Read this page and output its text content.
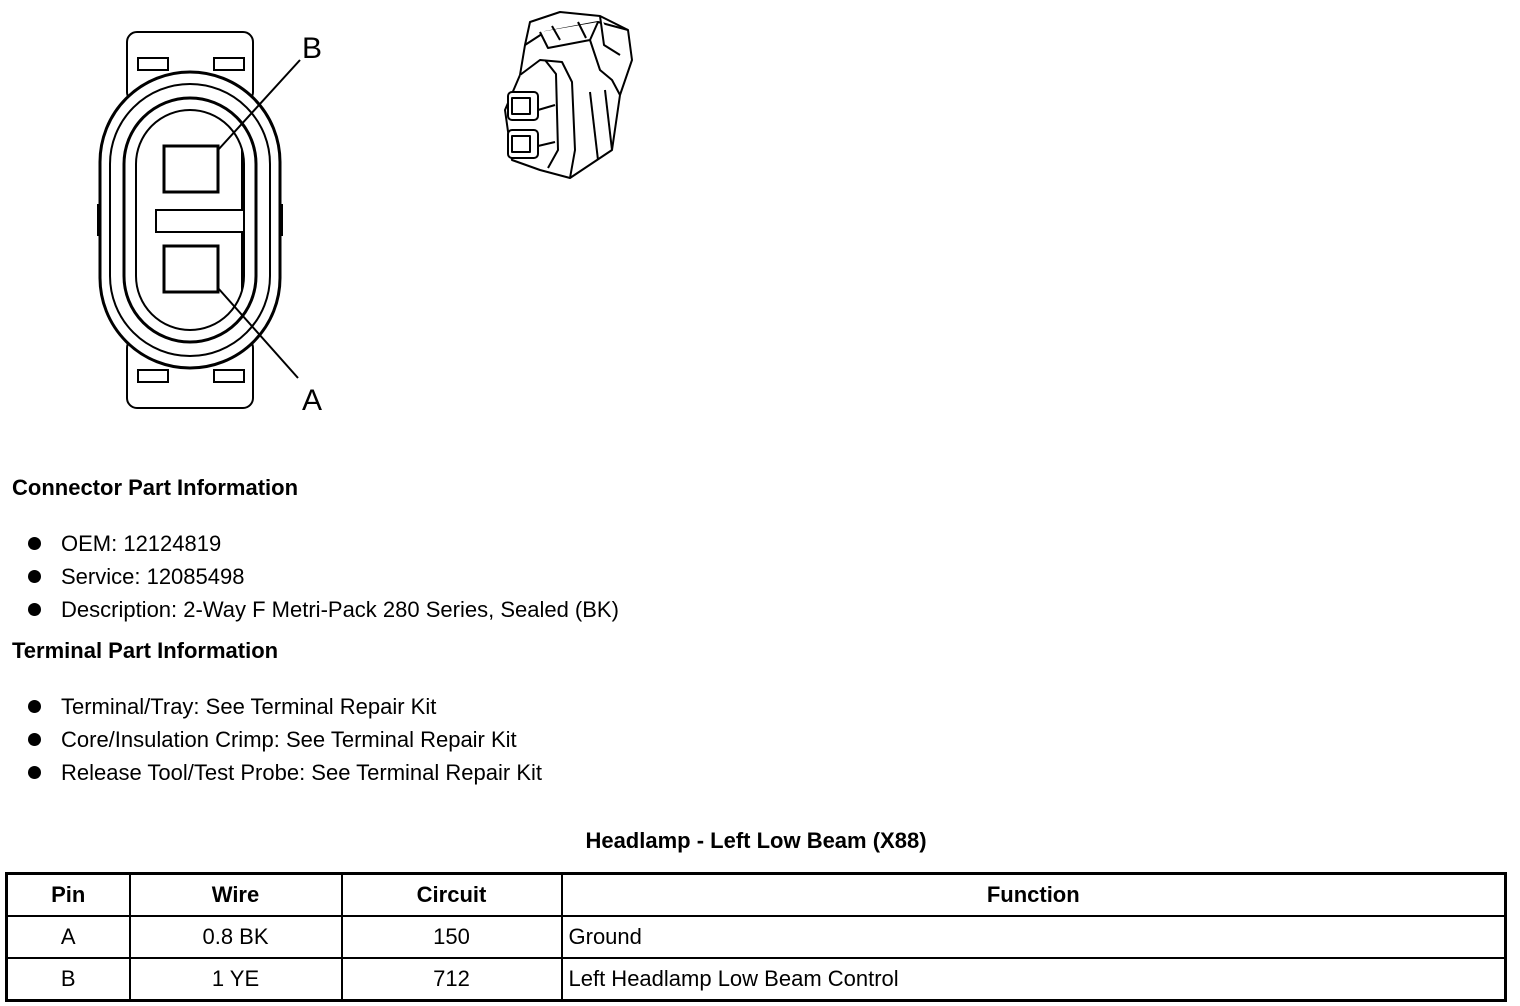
B
A
Connector Part Information
OEM: 12124819
Service: 12085498
Description: 2-Way F Metri-Pack 280 Series, Sealed (BK)
Terminal Part Information
Terminal/Tray: See Terminal Repair Kit
Core/Insulation Crimp: See Terminal Repair Kit
Release Tool/Test Probe: See Terminal Repair Kit
Headlamp - Left Low Beam (X88)
Pin	Wire	Circuit	Function
A	0.8 BK	150	Ground
B	1 YE	712	Left Headlamp Low Beam Control
